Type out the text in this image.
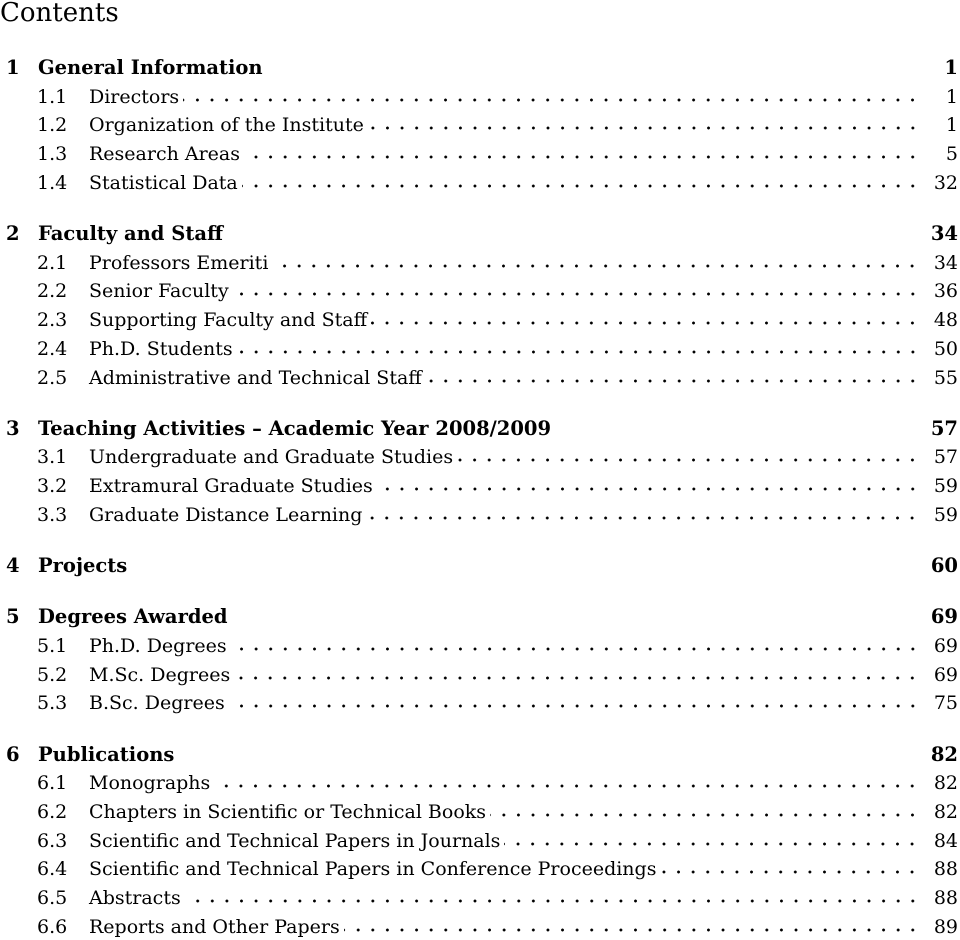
Contents
1 General Information	1
1.1	Directors	1
1.2	Organization of the Institute	1
1.3	Research Areas	5
1.4	Statistical Data	32
2 Faculty and Staff	34
2.1	Professors Emeriti	34
2.2	Senior Faculty	36
2.3	Supporting Faculty and Staff	48
2.4	Ph.D. Students	50
2.5	Administrative and Technical Staff	55
3 Teaching Activities – Academic Year 2008/2009	57
3.1	Undergraduate and Graduate Studies	57
3.2	Extramural Graduate Studies	59
3.3	Graduate Distance Learning	59
4 Projects	60
5 Degrees Awarded	69
5.1	Ph.D. Degrees	69
5.2	M.Sc. Degrees	69
5.3	B.Sc. Degrees	75
6 Publications	82
6.1	Monographs	82
6.2	Chapters in Scientific or Technical Books	82
6.3	Scientific and Technical Papers in Journals	84
6.4	Scientific and Technical Papers in Conference Proceedings	88
6.5	Abstracts	88
6.6	Reports and Other Papers	89
